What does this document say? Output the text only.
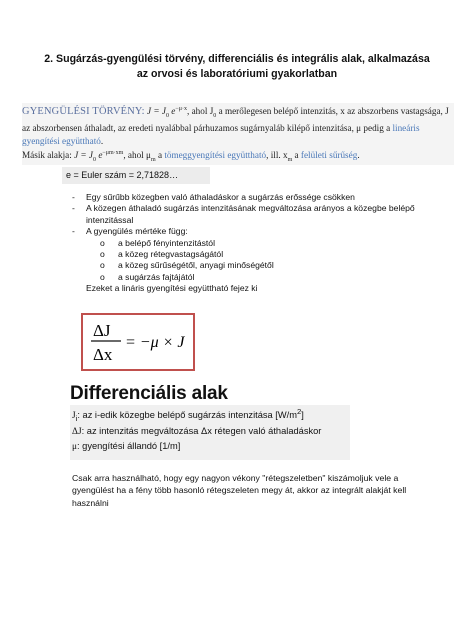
2. Sugárzás-gyengülési törvény, differenciális és integrális alak, alkalmazása
az orvosi és laboratóriumi gyakorlatban

GYENGÜLÉSI TÖRVÉNY: $J = J_0$ $e^{-\mu\cdot x}$, ahol $J_0$ a merőlegesen belépő intenzitás, x az abszorbens vastagsága, J az abszorbensen áthaladt, az eredeti nyalábbal párhuzamos sugárnyaláb kilépő intenzitása, μ pedig a lineáris gyengítési együttható.

Másik alakja: $J = J_0$ $e^{-\mu m\cdot xm}$, ahol $\mu_m$ a tömeggyengítési együttható, ill. $x_m$ a felületi sűrűség.

e = Euler szám = 2,71828…
- Egy sűrűbb közegben való áthaladáskor a sugárzás erőssége csökken
- A közegen áthaladó sugárzás intenzitásának megváltozása arányos a közegbe belépő intenzitással
- A gyengülés mértéke függ:
o a belépő fényintenzitástól
o a közeg rétegvastagságától
o a közeg sűrűségétől, anyagi minőségétől
o a sugárzás fajtájától
Ezeket a lináris gyengítési együttható fejez ki
ΔJ
Δx
= −μ × J
Differenciális alak
$J_i$: az i-edik közegbe belépő sugárzás intenzitása $[W/m^2]$
ΔJ: az intenzitás megváltozása Δx rétegen való áthaladáskor
μ: gyengítési állandó [1/m]
Csak arra használható, hogy egy nagyon vékony "rétegszeletben" kiszámoljuk vele a gyengülést ha a fény több hasonló rétegszeleten megy át, akkor az integrált alakját kell használni
